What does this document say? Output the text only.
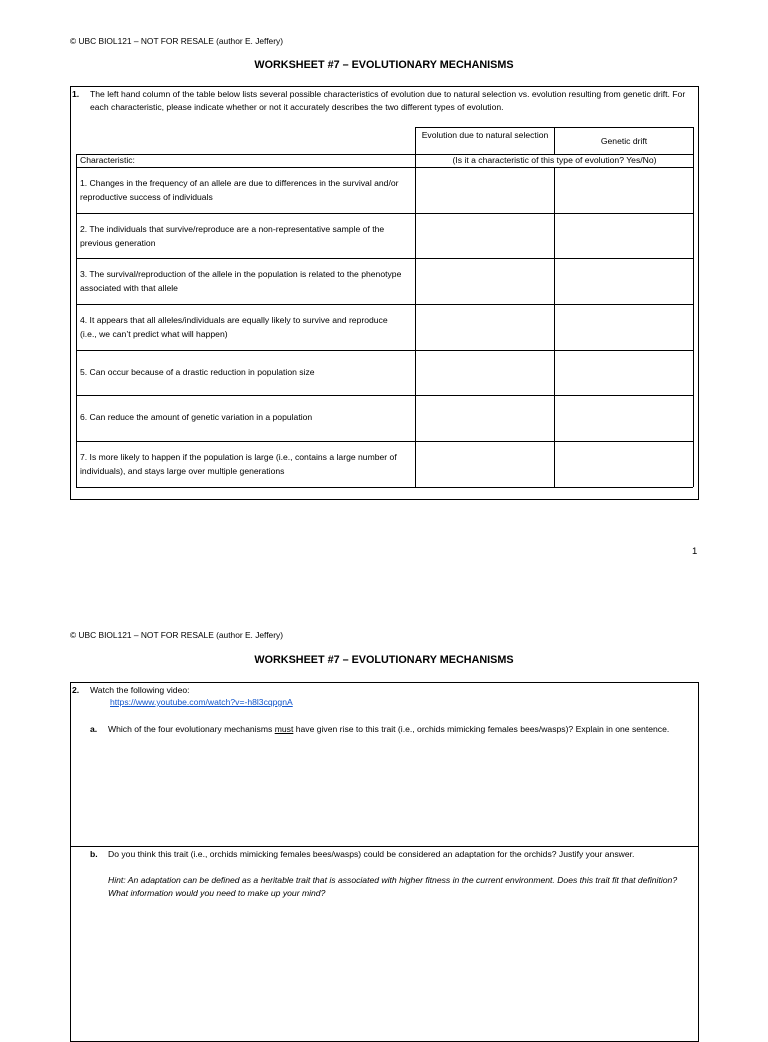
© UBC BIOL121 – NOT FOR RESALE (author E. Jeffery)
WORKSHEET #7 – EVOLUTIONARY MECHANISMS
1. The left hand column of the table below lists several possible characteristics of evolution due to natural selection vs. evolution resulting from genetic drift. For each characteristic, please indicate whether or not it accurately describes the two different types of evolution.
Evolution due to natural selection
Genetic drift
Characteristic:	(Is it a characteristic of this type of evolution? Yes/No)
1. Changes in the frequency of an allele are due to differences in the survival and/or reproductive success of individuals
2. The individuals that survive/reproduce are a non-representative sample of the previous generation
3. The survival/reproduction of the allele in the population is related to the phenotype associated with that allele
4. It appears that all alleles/individuals are equally likely to survive and reproduce (i.e., we can’t predict what will happen)
5. Can occur because of a drastic reduction in population size
6. Can reduce the amount of genetic variation in a population
7. Is more likely to happen if the population is large (i.e., contains a large number of individuals), and stays large over multiple generations
1
© UBC BIOL121 – NOT FOR RESALE (author E. Jeffery)
WORKSHEET #7 – EVOLUTIONARY MECHANISMS
2. Watch the following video:
https://www.youtube.com/watch?v=-h8l3cqpgnA
a. Which of the four evolutionary mechanisms must have given rise to this trait (i.e., orchids mimicking females bees/wasps)? Explain in one sentence.
b. Do you think this trait (i.e., orchids mimicking females bees/wasps) could be considered an adaptation for the orchids? Justify your answer.
Hint: An adaptation can be defined as a heritable trait that is associated with higher fitness in the current environment. Does this trait fit that definition? What information would you need to make up your mind?
